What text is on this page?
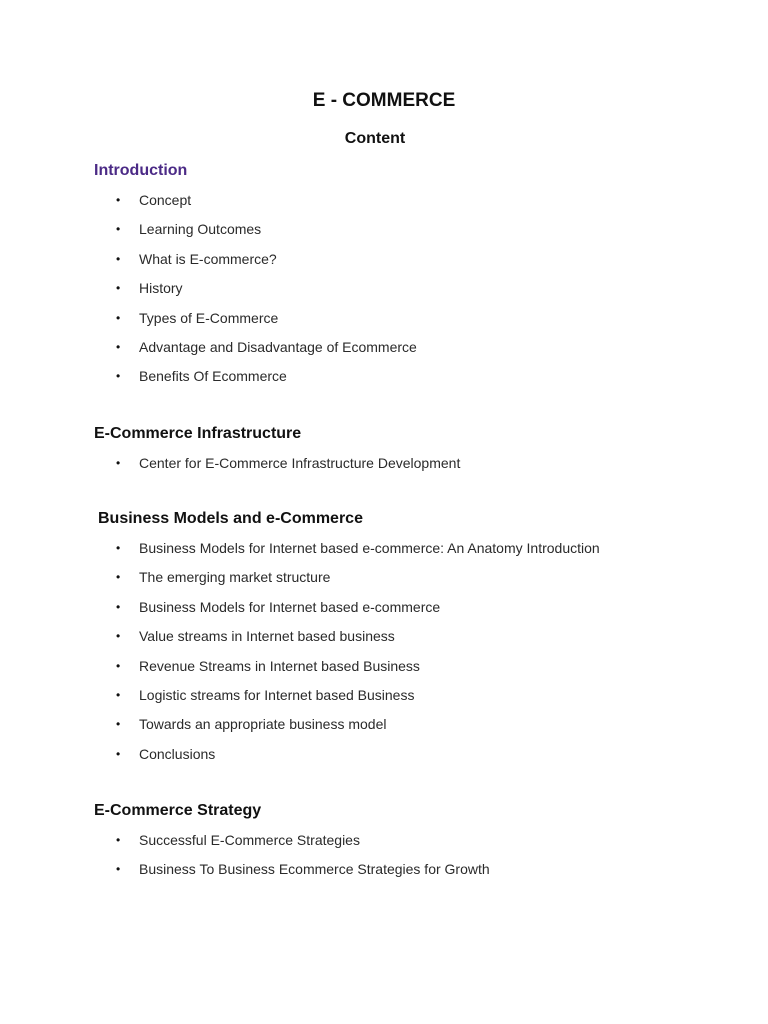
E - COMMERCE
Content
Introduction
• Concept
• Learning Outcomes
• What is E-commerce?
• History
• Types of E-Commerce
• Advantage and Disadvantage of Ecommerce
• Benefits Of Ecommerce
E-Commerce Infrastructure
• Center for E-Commerce Infrastructure Development
Business Models and e-Commerce
• Business Models for Internet based e-commerce: An Anatomy Introduction
• The emerging market structure
• Business Models for Internet based e-commerce
• Value streams in Internet based business
• Revenue Streams in Internet based Business
• Logistic streams for Internet based Business
• Towards an appropriate business model
• Conclusions
E-Commerce Strategy
• Successful E-Commerce Strategies
• Business To Business Ecommerce Strategies for Growth
